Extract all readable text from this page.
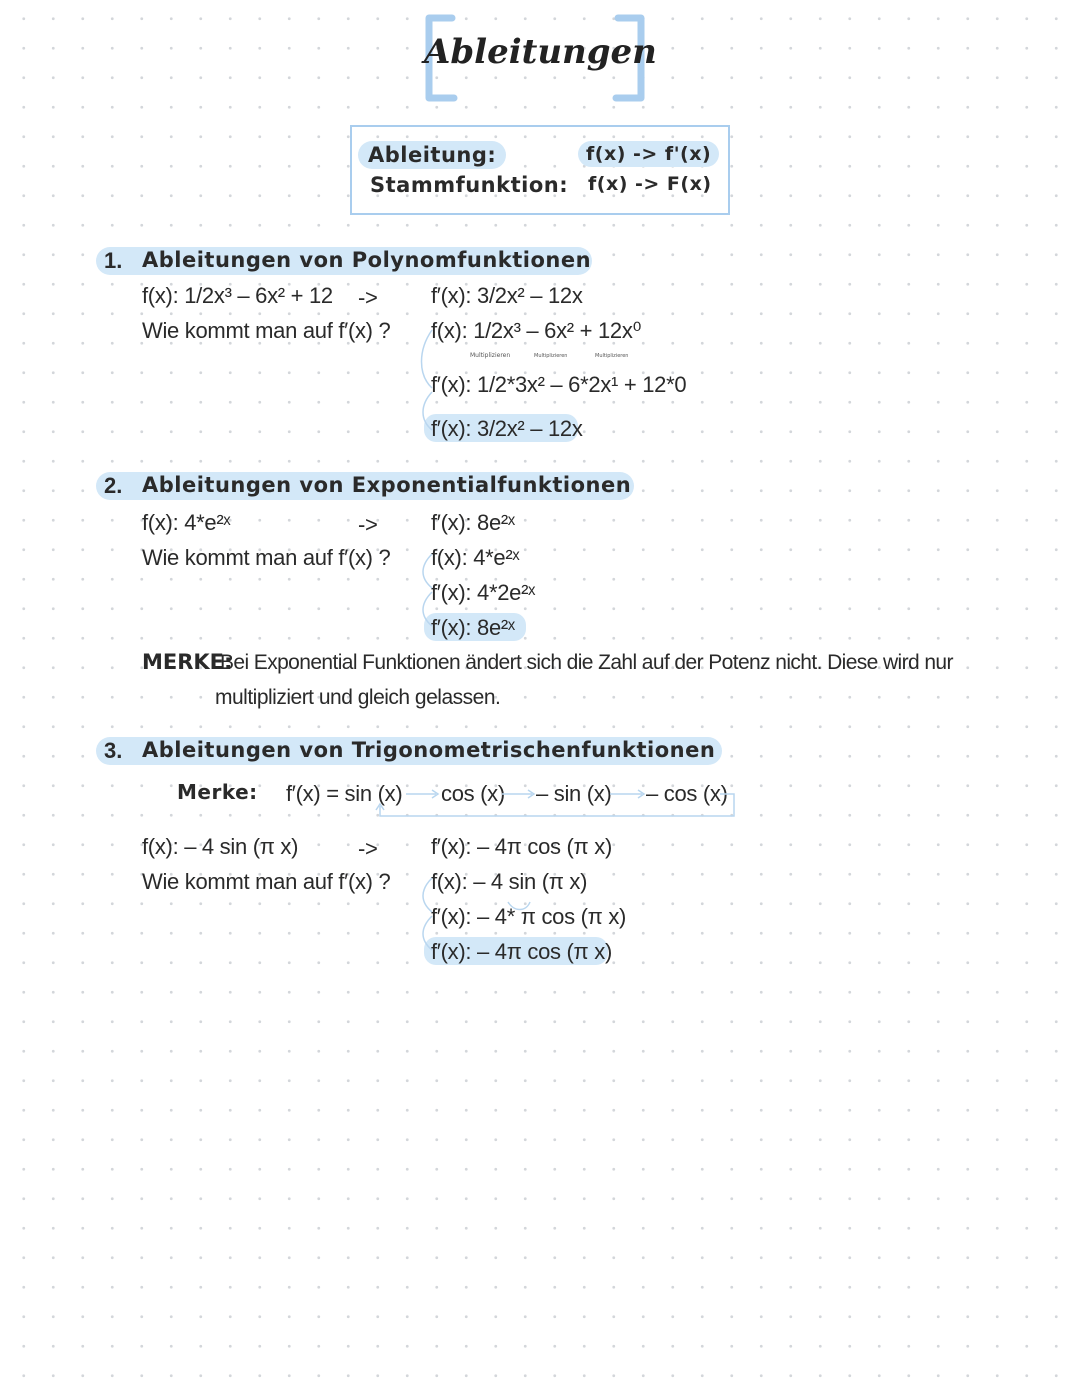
Ableitungen
Ableitung:	f(x) -> f'(x)
Stammfunktion: f(x) -> F(x)
1. Ableitungen von Polynomfunktionen
f(x): 1/2x³ – 6x² + 12 -> f′(x): 3/2x² – 12x
Wie kommt man auf f′(x) ? f(x): 1/2x³ – 6x² + 12x⁰
Multiplizieren	Multiplizieren	Multiplizieren
f′(x): 1/2*3x² – 6*2x¹ + 12*0
f′(x): 3/2x² – 12x
2. Ableitungen von Exponentialfunktionen
f(x): 4*e²ˣ	-> f′(x): 8e²ˣ
Wie kommt man auf f′(x) ? f(x): 4*e²ˣ
f′(x): 4*2e²ˣ
f′(x): 8e²ˣ
MERKE:
Bei Exponential Funktionen ändert sich die Zahl auf der Potenz nicht. Diese wird nur
multipliziert und gleich gelassen.
3. Ableitungen von Trigonometrischenfunktionen
Merke: f′(x) = sin (x) cos (x) – sin (x) – cos (x)
f(x): – 4 sin (π x)	-> f′(x): – 4π cos (π x)
Wie kommt man auf f′(x) ? f(x): – 4 sin (π x)
f′(x): – 4* π cos (π x)
f′(x): – 4π cos (π x)
